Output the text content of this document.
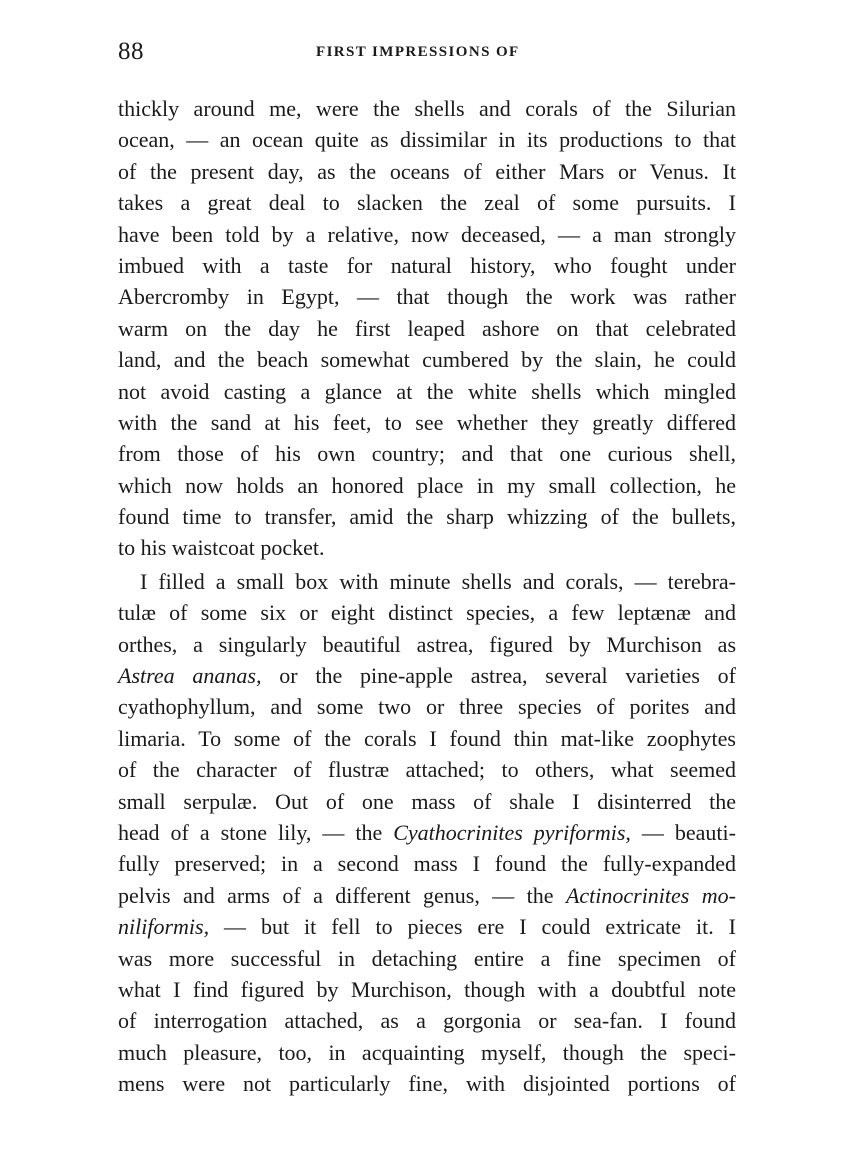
88	FIRST IMPRESSIONS OF
thickly around me, were the shells and corals of the Silurian
ocean, — an ocean quite as dissimilar in its productions to that
of the present day, as the oceans of either Mars or Venus. It
takes a great deal to slacken the zeal of some pursuits. I
have been told by a relative, now deceased, — a man strongly
imbued with a taste for natural history, who fought under
Abercromby in Egypt, — that though the work was rather
warm on the day he first leaped ashore on that celebrated
land, and the beach somewhat cumbered by the slain, he could
not avoid casting a glance at the white shells which mingled
with the sand at his feet, to see whether they greatly differed
from those of his own country; and that one curious shell,
which now holds an honored place in my small collection, he
found time to transfer, amid the sharp whizzing of the bullets,
to his waistcoat pocket.
I filled a small box with minute shells and corals, — terebra-
tulæ of some six or eight distinct species, a few leptænæ and
orthes, a singularly beautiful astrea, figured by Murchison as
Astrea ananas, or the pine-apple astrea, several varieties of
cyathophyllum, and some two or three species of porites and
limaria. To some of the corals I found thin mat-like zoophytes
of the character of flustræ attached; to others, what seemed
small serpulæ. Out of one mass of shale I disinterred the
head of a stone lily, — the Cyathocrinites pyriformis, — beauti-
fully preserved; in a second mass I found the fully-expanded
pelvis and arms of a different genus, — the Actinocrinites mo-
niliformis, — but it fell to pieces ere I could extricate it. I
was more successful in detaching entire a fine specimen of
what I find figured by Murchison, though with a doubtful note
of interrogation attached, as a gorgonia or sea-fan. I found
much pleasure, too, in acquainting myself, though the speci-
mens were not particularly fine, with disjointed portions of
